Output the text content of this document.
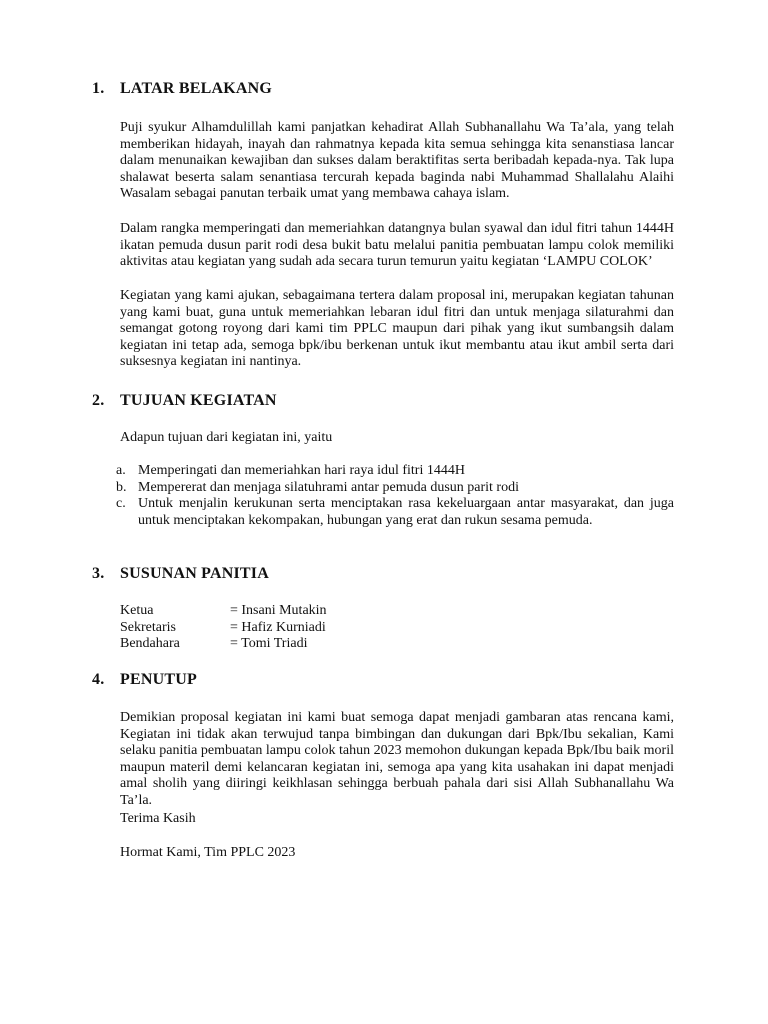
1. LATAR BELAKANG

Puji syukur Alhamdulillah kami panjatkan kehadirat Allah Subhanallahu Wa Ta’ala, yang telah memberikan hidayah, inayah dan rahmatnya kepada kita semua sehingga kita senanstiasa lancar dalam menunaikan kewajiban dan sukses dalam beraktifitas serta beribadah kepada-nya. Tak lupa shalawat beserta salam senantiasa tercurah kepada baginda nabi Muhammad Shallalahu Alaihi Wasalam sebagai panutan terbaik umat yang membawa cahaya islam.

Dalam rangka memperingati dan memeriahkan datangnya bulan syawal dan idul fitri tahun 1444H ikatan pemuda dusun parit rodi desa bukit batu melalui panitia pembuatan lampu colok memiliki aktivitas atau kegiatan yang sudah ada secara turun temurun yaitu kegiatan ‘LAMPU COLOK’

Kegiatan yang kami ajukan, sebagaimana tertera dalam proposal ini, merupakan kegiatan tahunan yang kami buat, guna untuk memeriahkan lebaran idul fitri dan untuk menjaga silaturahmi dan semangat gotong royong dari kami tim PPLC maupun dari pihak yang ikut sumbangsih dalam kegiatan ini tetap ada, semoga bpk/ibu berkenan untuk ikut membantu atau ikut ambil serta dari suksesnya kegiatan ini nantinya.

2. TUJUAN KEGIATAN
Adapun tujuan dari kegiatan ini, yaitu
a. Memperingati dan memeriahkan hari raya idul fitri 1444H
b. Mempererat dan menjaga silatuhrami antar pemuda dusun parit rodi
c. Untuk menjalin kerukunan serta menciptakan rasa kekeluargaan antar masyarakat, dan juga untuk menciptakan kekompakan, hubungan yang erat dan rukun sesama pemuda.
3. SUSUNAN PANITIA
Ketua	= Insani Mutakin
Sekretaris	= Hafiz Kurniadi
Bendahara	= Tomi Triadi
4. PENUTUP

Demikian proposal kegiatan ini kami buat semoga dapat menjadi gambaran atas rencana kami, Kegiatan ini tidak akan terwujud tanpa bimbingan dan dukungan dari Bpk/Ibu sekalian, Kami selaku panitia pembuatan lampu colok tahun 2023 memohon dukungan kepada Bpk/Ibu baik moril maupun materil demi kelancaran kegiatan ini, semoga apa yang kita usahakan ini dapat menjadi amal sholih yang diiringi keikhlasan sehingga berbuah pahala dari sisi Allah Subhanallahu Wa Ta’la.

Terima Kasih
Hormat Kami, Tim PPLC 2023
